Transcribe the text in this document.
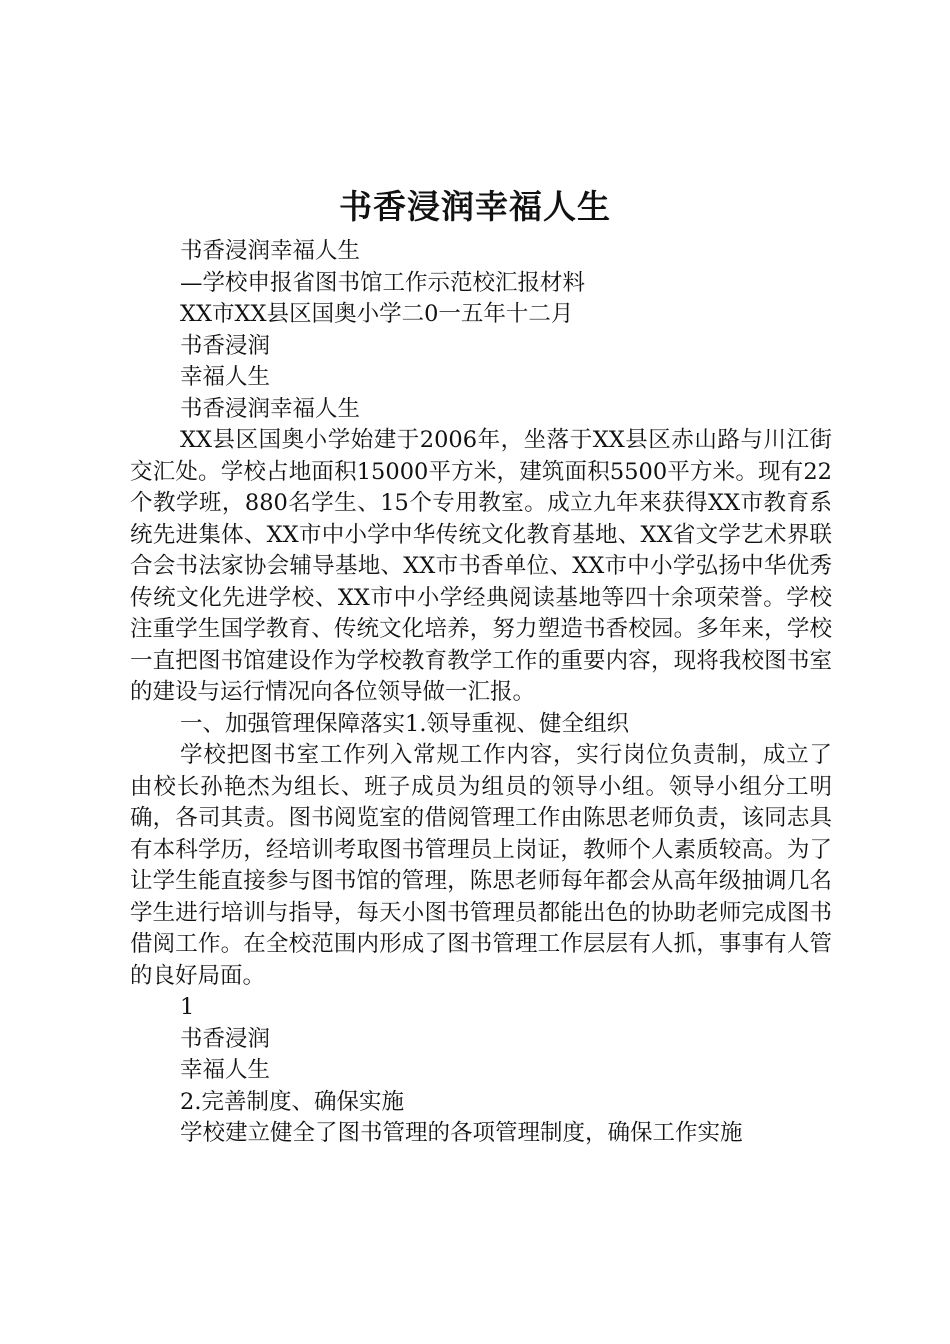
书香浸润幸福人生

书香浸润幸福人生

—学校申报省图书馆工作示范校汇报材料

XX市XX县区国奥小学二0一五年十二月

书香浸润

幸福人生

书香浸润幸福人生

XX县区国奥小学始建于2006年，坐落于XX县区赤山路与川江街交汇处。学校占地面积15000平方米，建筑面积5500平方米。现有22个教学班，880名学生、15个专用教室。成立九年来获得XX市教育系统先进集体、XX市中小学中华传统文化教育基地、XX省文学艺术界联合会书法家协会辅导基地、XX市书香单位、XX市中小学弘扬中华优秀传统文化先进学校、XX市中小学经典阅读基地等四十余项荣誉。学校注重学生国学教育、传统文化培养，努力塑造书香校园。多年来，学校一直把图书馆建设作为学校教育教学工作的重要内容，现将我校图书室的建设与运行情况向各位领导做一汇报。

一、加强管理保障落实1.领导重视、健全组织

学校把图书室工作列入常规工作内容，实行岗位负责制，成立了由校长孙艳杰为组长、班子成员为组员的领导小组。领导小组分工明确，各司其责。图书阅览室的借阅管理工作由陈思老师负责，该同志具有本科学历，经培训考取图书管理员上岗证，教师个人素质较高。为了让学生能直接参与图书馆的管理，陈思老师每年都会从高年级抽调几名学生进行培训与指导，每天小图书管理员都能出色的协助老师完成图书借阅工作。在全校范围内形成了图书管理工作层层有人抓，事事有人管的良好局面。

1

书香浸润

幸福人生

2.完善制度、确保实施

学校建立健全了图书管理的各项管理制度，确保工作实施
